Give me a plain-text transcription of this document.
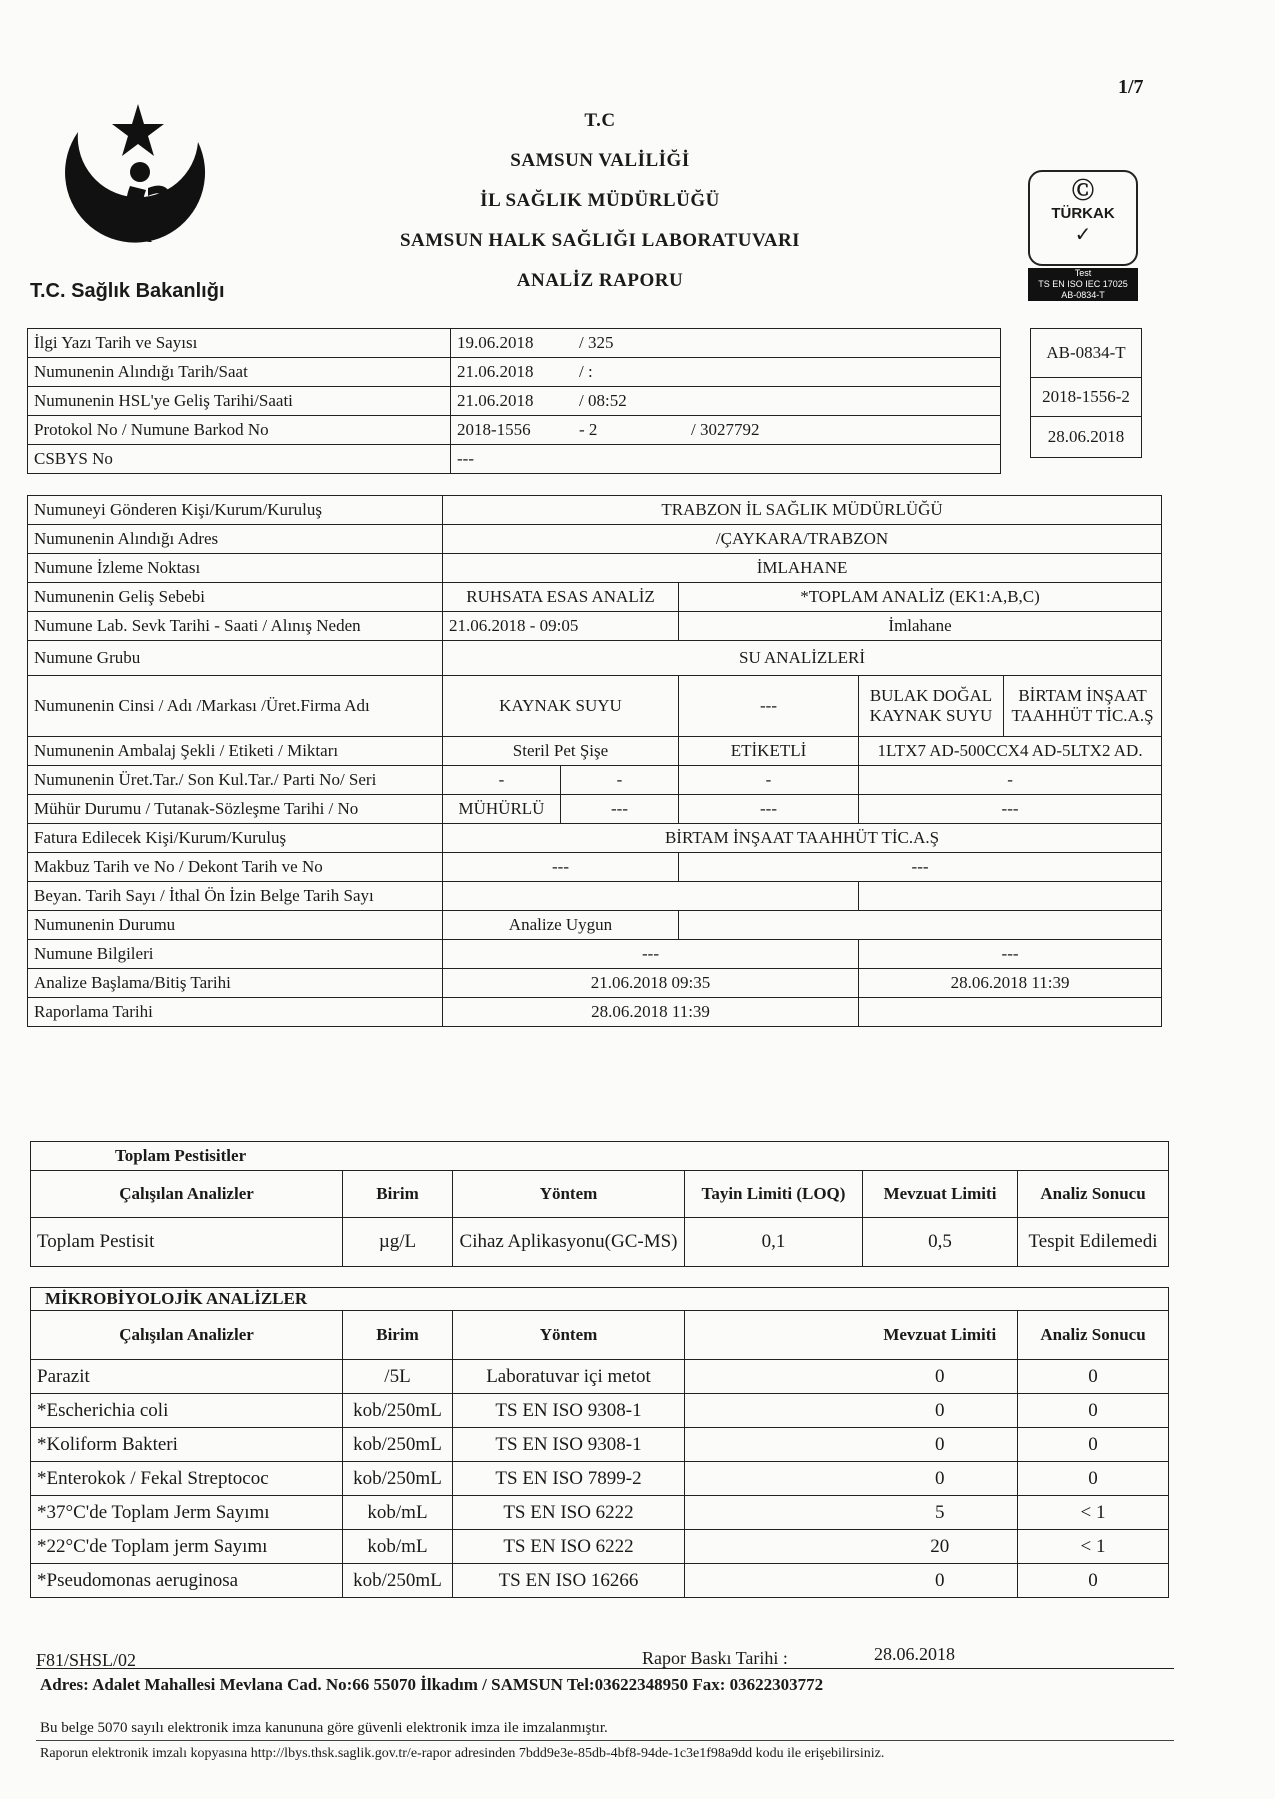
1/7
T.C. Sağlık Bakanlığı
T.C
SAMSUN VALİLİĞİ
İL SAĞLIK MÜDÜRLÜĞÜ
SAMSUN HALK SAĞLIĞI LABORATUVARI
ANALİZ RAPORU
Ⓒ
TÜRKAK
✓
Test
TS EN ISO IEC 17025
AB-0834-T
İlgi Yazı Tarih ve Sayısı	19.06.2018	/ 325	
Numunenin Alındığı Tarih/Saat	21.06.2018	/ :	
Numunenin HSL'ye Geliş Tarihi/Saati	21.06.2018	/ 08:52	
Protokol No / Numune Barkod No	2018-1556	- 2	/ 3027792
CSBYS No	---		
AB-0834-T
2018-1556-2
28.06.2018
Numuneyi Gönderen Kişi/Kurum/Kuruluş	TRABZON İL SAĞLIK MÜDÜRLÜĞÜ				
Numunenin Alındığı Adres	/ÇAYKARA/TRABZON				
Numune İzleme Noktası	İMLAHANE				
Numunenin Geliş Sebebi	RUHSATA ESAS ANALİZ		*TOPLAM ANALİZ (EK1:A,B,C)		
Numune Lab. Sevk Tarihi - Saati / Alınış Neden	21.06.2018 - 09:05		İmlahane		
Numune Grubu	SU ANALİZLERİ				
Numunenin Cinsi / Adı /Markası /Üret.Firma Adı	KAYNAK SUYU		---	BULAK DOĞAL KAYNAK SUYU	BİRTAM İNŞAAT TAAHHÜT TİC.A.Ş
Numunenin Ambalaj Şekli / Etiketi / Miktarı	Steril Pet Şişe		ETİKETLİ	1LTX7 AD-500CCX4 AD-5LTX2 AD.	
Numunenin Üret.Tar./ Son Kul.Tar./ Parti No/ Seri	-	-	-	-	
Mühür Durumu / Tutanak-Sözleşme Tarihi / No	MÜHÜRLÜ	---	---	---	
Fatura Edilecek Kişi/Kurum/Kuruluş	BİRTAM İNŞAAT TAAHHÜT TİC.A.Ş				
Makbuz Tarih ve No / Dekont Tarih ve No	---		---		
Beyan. Tarih Sayı / İthal Ön İzin Belge Tarih Sayı					
Numunenin Durumu	Analize Uygun				
Numune Bilgileri	---			---	
Analize Başlama/Bitiş Tarihi	21.06.2018 09:35			28.06.2018 11:39	
Raporlama Tarihi	28.06.2018 11:39				
Toplam Pestisitler					
Çalışılan Analizler	Birim	Yöntem	Tayin Limiti (LOQ)	Mevzuat Limiti	Analiz Sonucu
Toplam Pestisit	µg/L	Cihaz Aplikasyonu(GC-MS)	0,1	0,5	Tespit Edilemedi
MİKROBİYOLOJİK ANALİZLER					
Çalışılan Analizler	Birim	Yöntem		Mevzuat Limiti	Analiz Sonucu
Parazit	/5L	Laboratuvar içi metot		0	0
*Escherichia coli	kob/250mL	TS EN ISO 9308-1		0	0
*Koliform Bakteri	kob/250mL	TS EN ISO 9308-1		0	0
*Enterokok / Fekal Streptococ	kob/250mL	TS EN ISO 7899-2		0	0
*37°C'de Toplam Jerm Sayımı	kob/mL	TS EN ISO 6222		5	< 1
*22°C'de Toplam jerm Sayımı	kob/mL	TS EN ISO 6222		20	< 1
*Pseudomonas aeruginosa	kob/250mL	TS EN ISO 16266		0	0
F81/SHSL/02	Rapor Baskı Tarihi :	28.06.2018
Adres: Adalet Mahallesi Mevlana Cad. No:66 55070 İlkadım / SAMSUN Tel:03622348950 Fax: 03622303772
Bu belge 5070 sayılı elektronik imza kanununa göre güvenli elektronik imza ile imzalanmıştır.
Raporun elektronik imzalı kopyasına http://lbys.thsk.saglik.gov.tr/e-rapor adresinden 7bdd9e3e-85db-4bf8-94de-1c3e1f98a9dd kodu ile erişebilirsiniz.
